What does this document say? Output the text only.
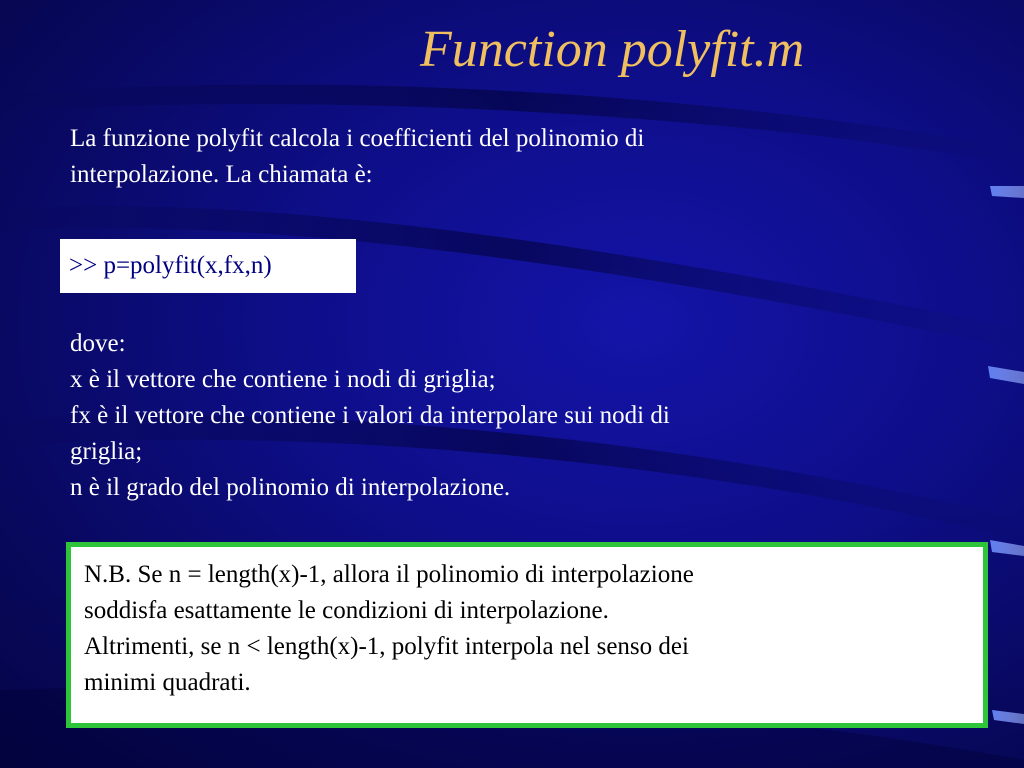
Function polyfit.m

La funzione polyfit calcola i coefficienti del polinomio di

interpolazione. La chiamata è:

>> p=polyfit(x,fx,n)
dove:
x è il vettore che contiene i nodi di griglia;
fx è il vettore che contiene i valori da interpolare sui nodi di
griglia;
n è il grado del polinomio di interpolazione.

N.B. Se n = length(x)-1, allora il polinomio di interpolazione

soddisfa esattamente le condizioni di interpolazione.

Altrimenti, se n < length(x)-1, polyfit interpola nel senso dei

minimi quadrati.
